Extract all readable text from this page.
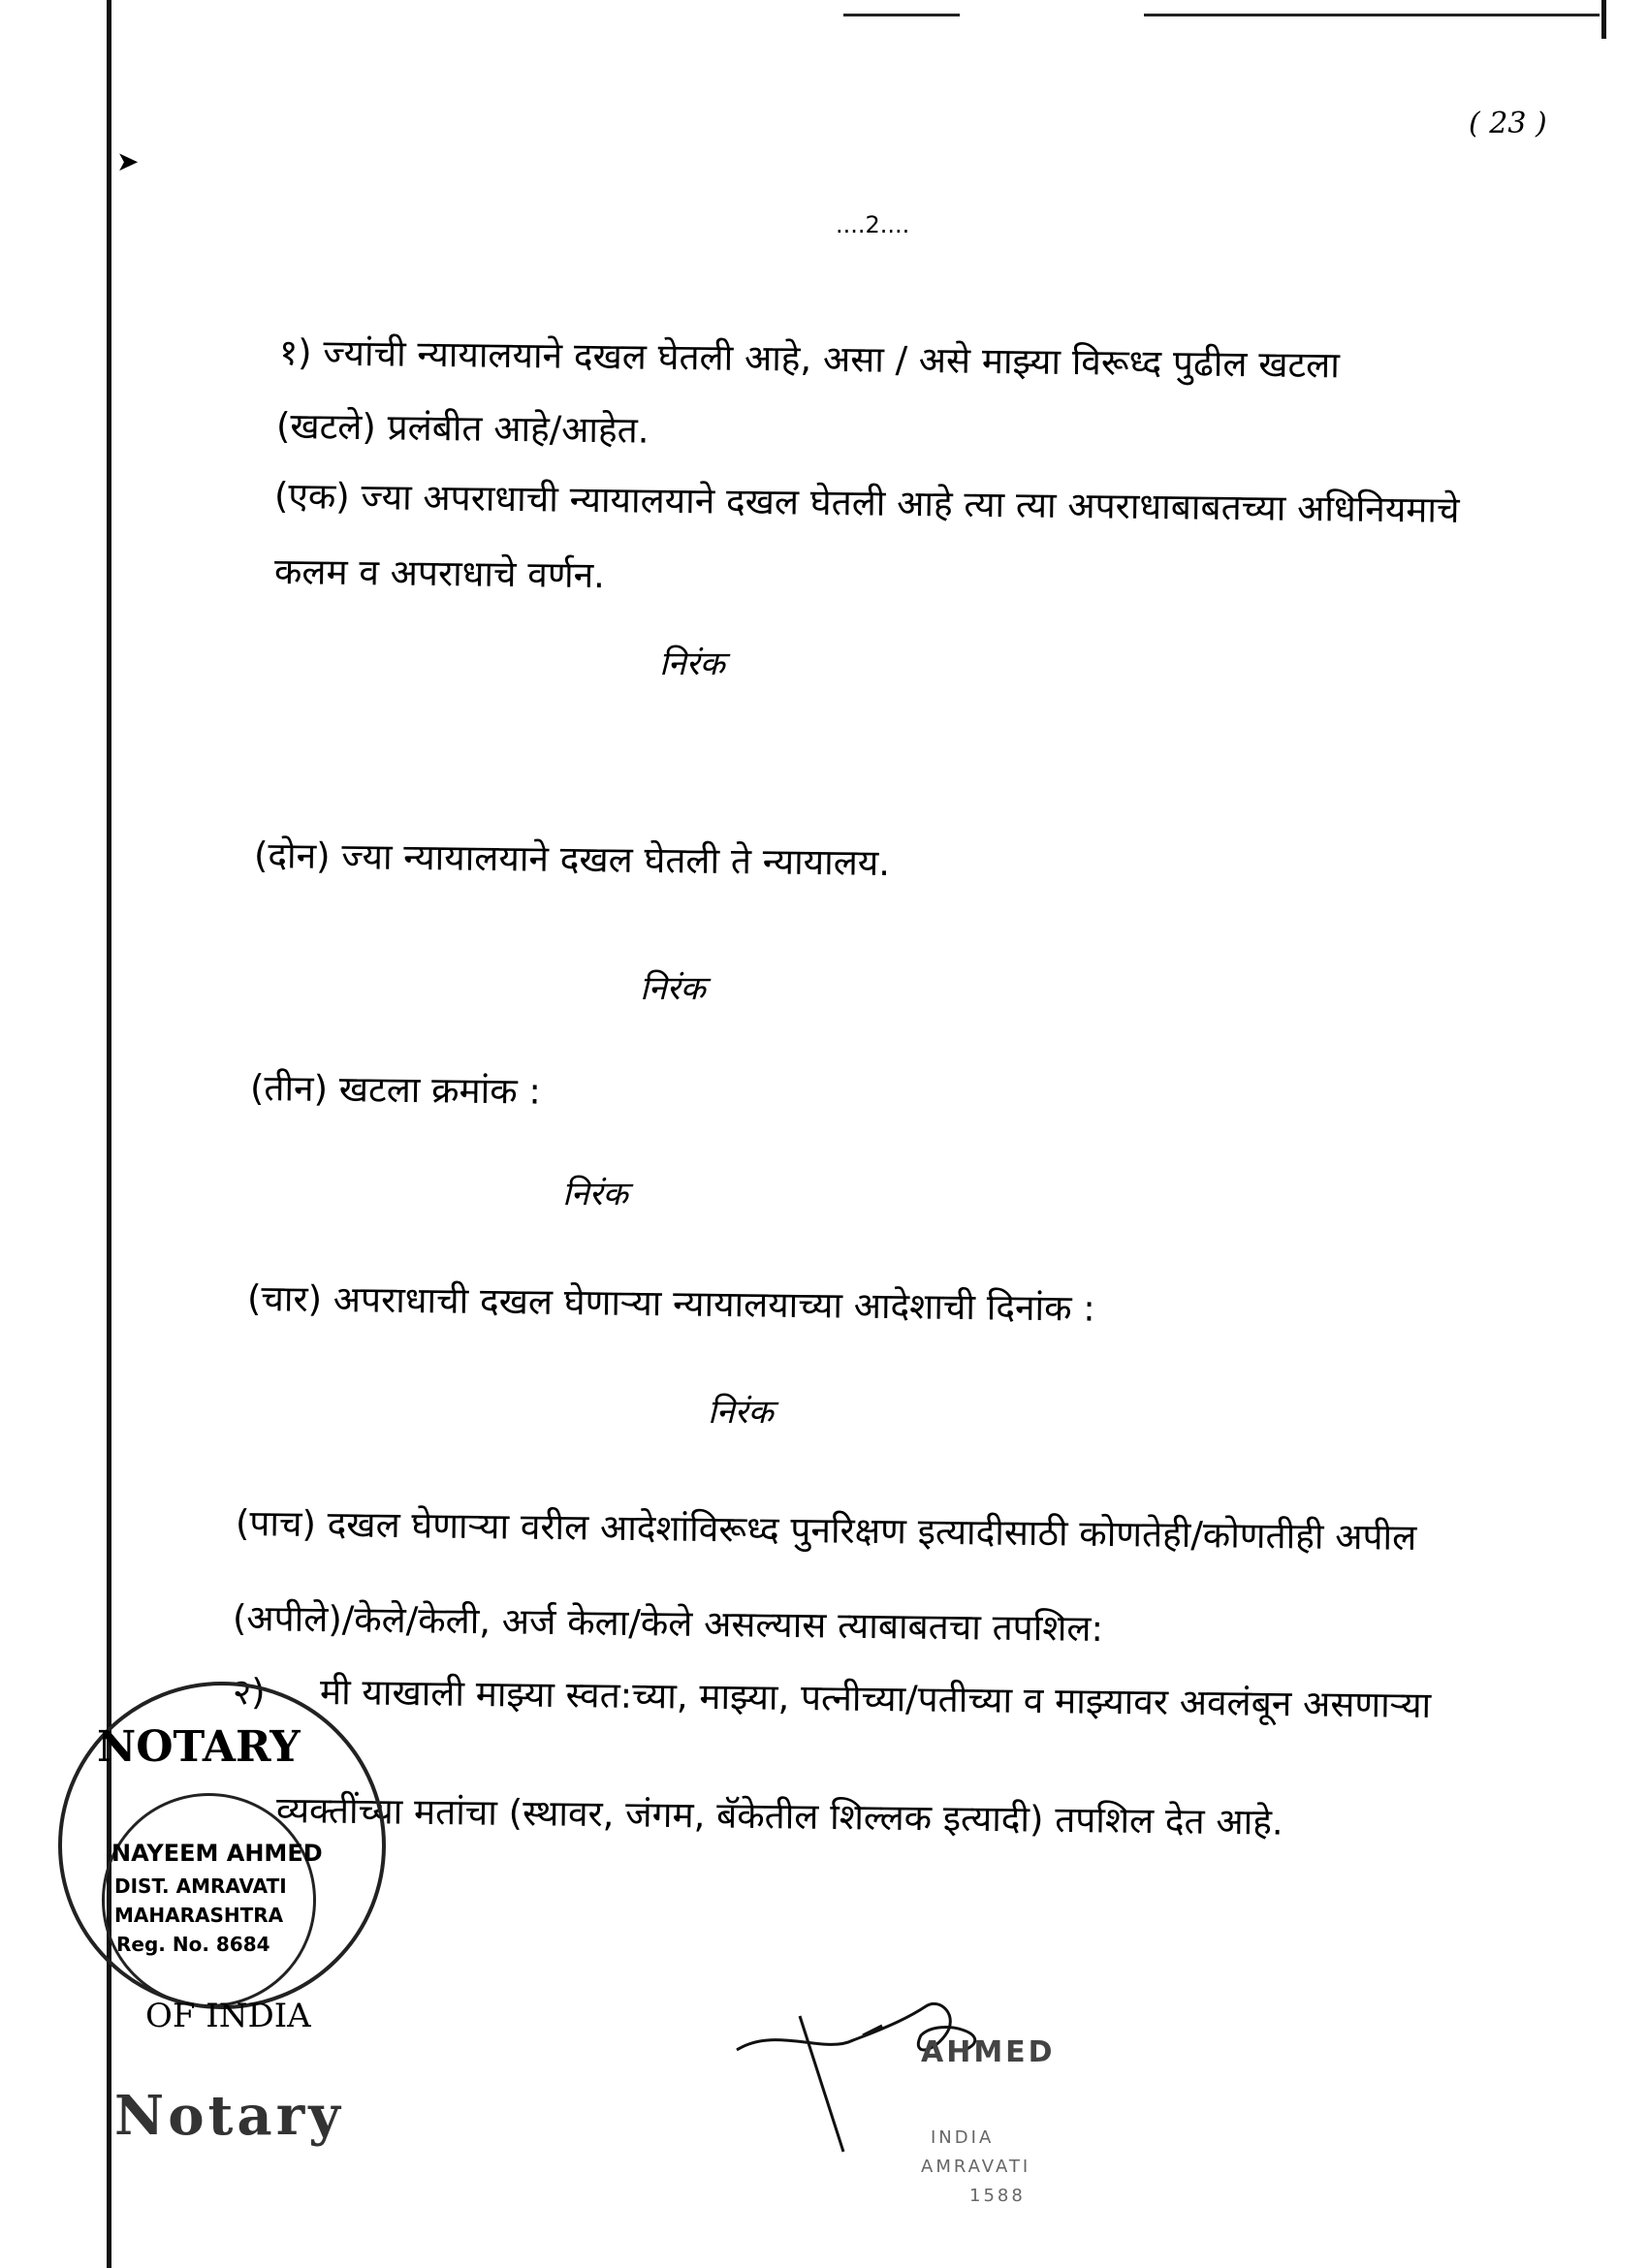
➤
( 23 )
....2....
१) ज्यांची न्यायालयाने दखल घेतली आहे, असा / असे माझ्या विरूध्द पुढील खटला
(खटले) प्रलंबीत आहे/आहेत.
(एक) ज्या अपराधाची न्यायालयाने दखल घेतली आहे त्या त्या अपराधाबाबतच्या अधिनियमाचे
कलम व अपराधाचे वर्णन.
निरंक
(दोन) ज्या न्यायालयाने दखल घेतली ते न्यायालय.
निरंक
(तीन) खटला क्रमांक :
निरंक
(चार) अपराधाची दखल घेणाऱ्या न्यायालयाच्या आदेशाची दिनांक :
निरंक
(पाच) दखल घेणाऱ्या वरील आदेशांविरूध्द पुनरिक्षण इत्यादीसाठी कोणतेही/कोणतीही अपील
(अपीले)/केले/केली, अर्ज केला/केले असल्यास त्याबाबतचा तपशिल:
२) मी याखाली माझ्या स्वत:च्या, माझ्या, पत्नीच्या/पतीच्या व माझ्यावर अवलंबून असणाऱ्या
व्यक्तींच्या मतांचा (स्थावर, जंगम, बॅकेतील शिल्लक इत्यादी) तपशिल देत आहे.
NOTARY
NAYEEM AHMED
DIST. AMRAVATI
MAHARASHTRA
Reg. No. 8684
OF INDIA
Notary
AHMED
INDIA
AMRAVATI
1588
